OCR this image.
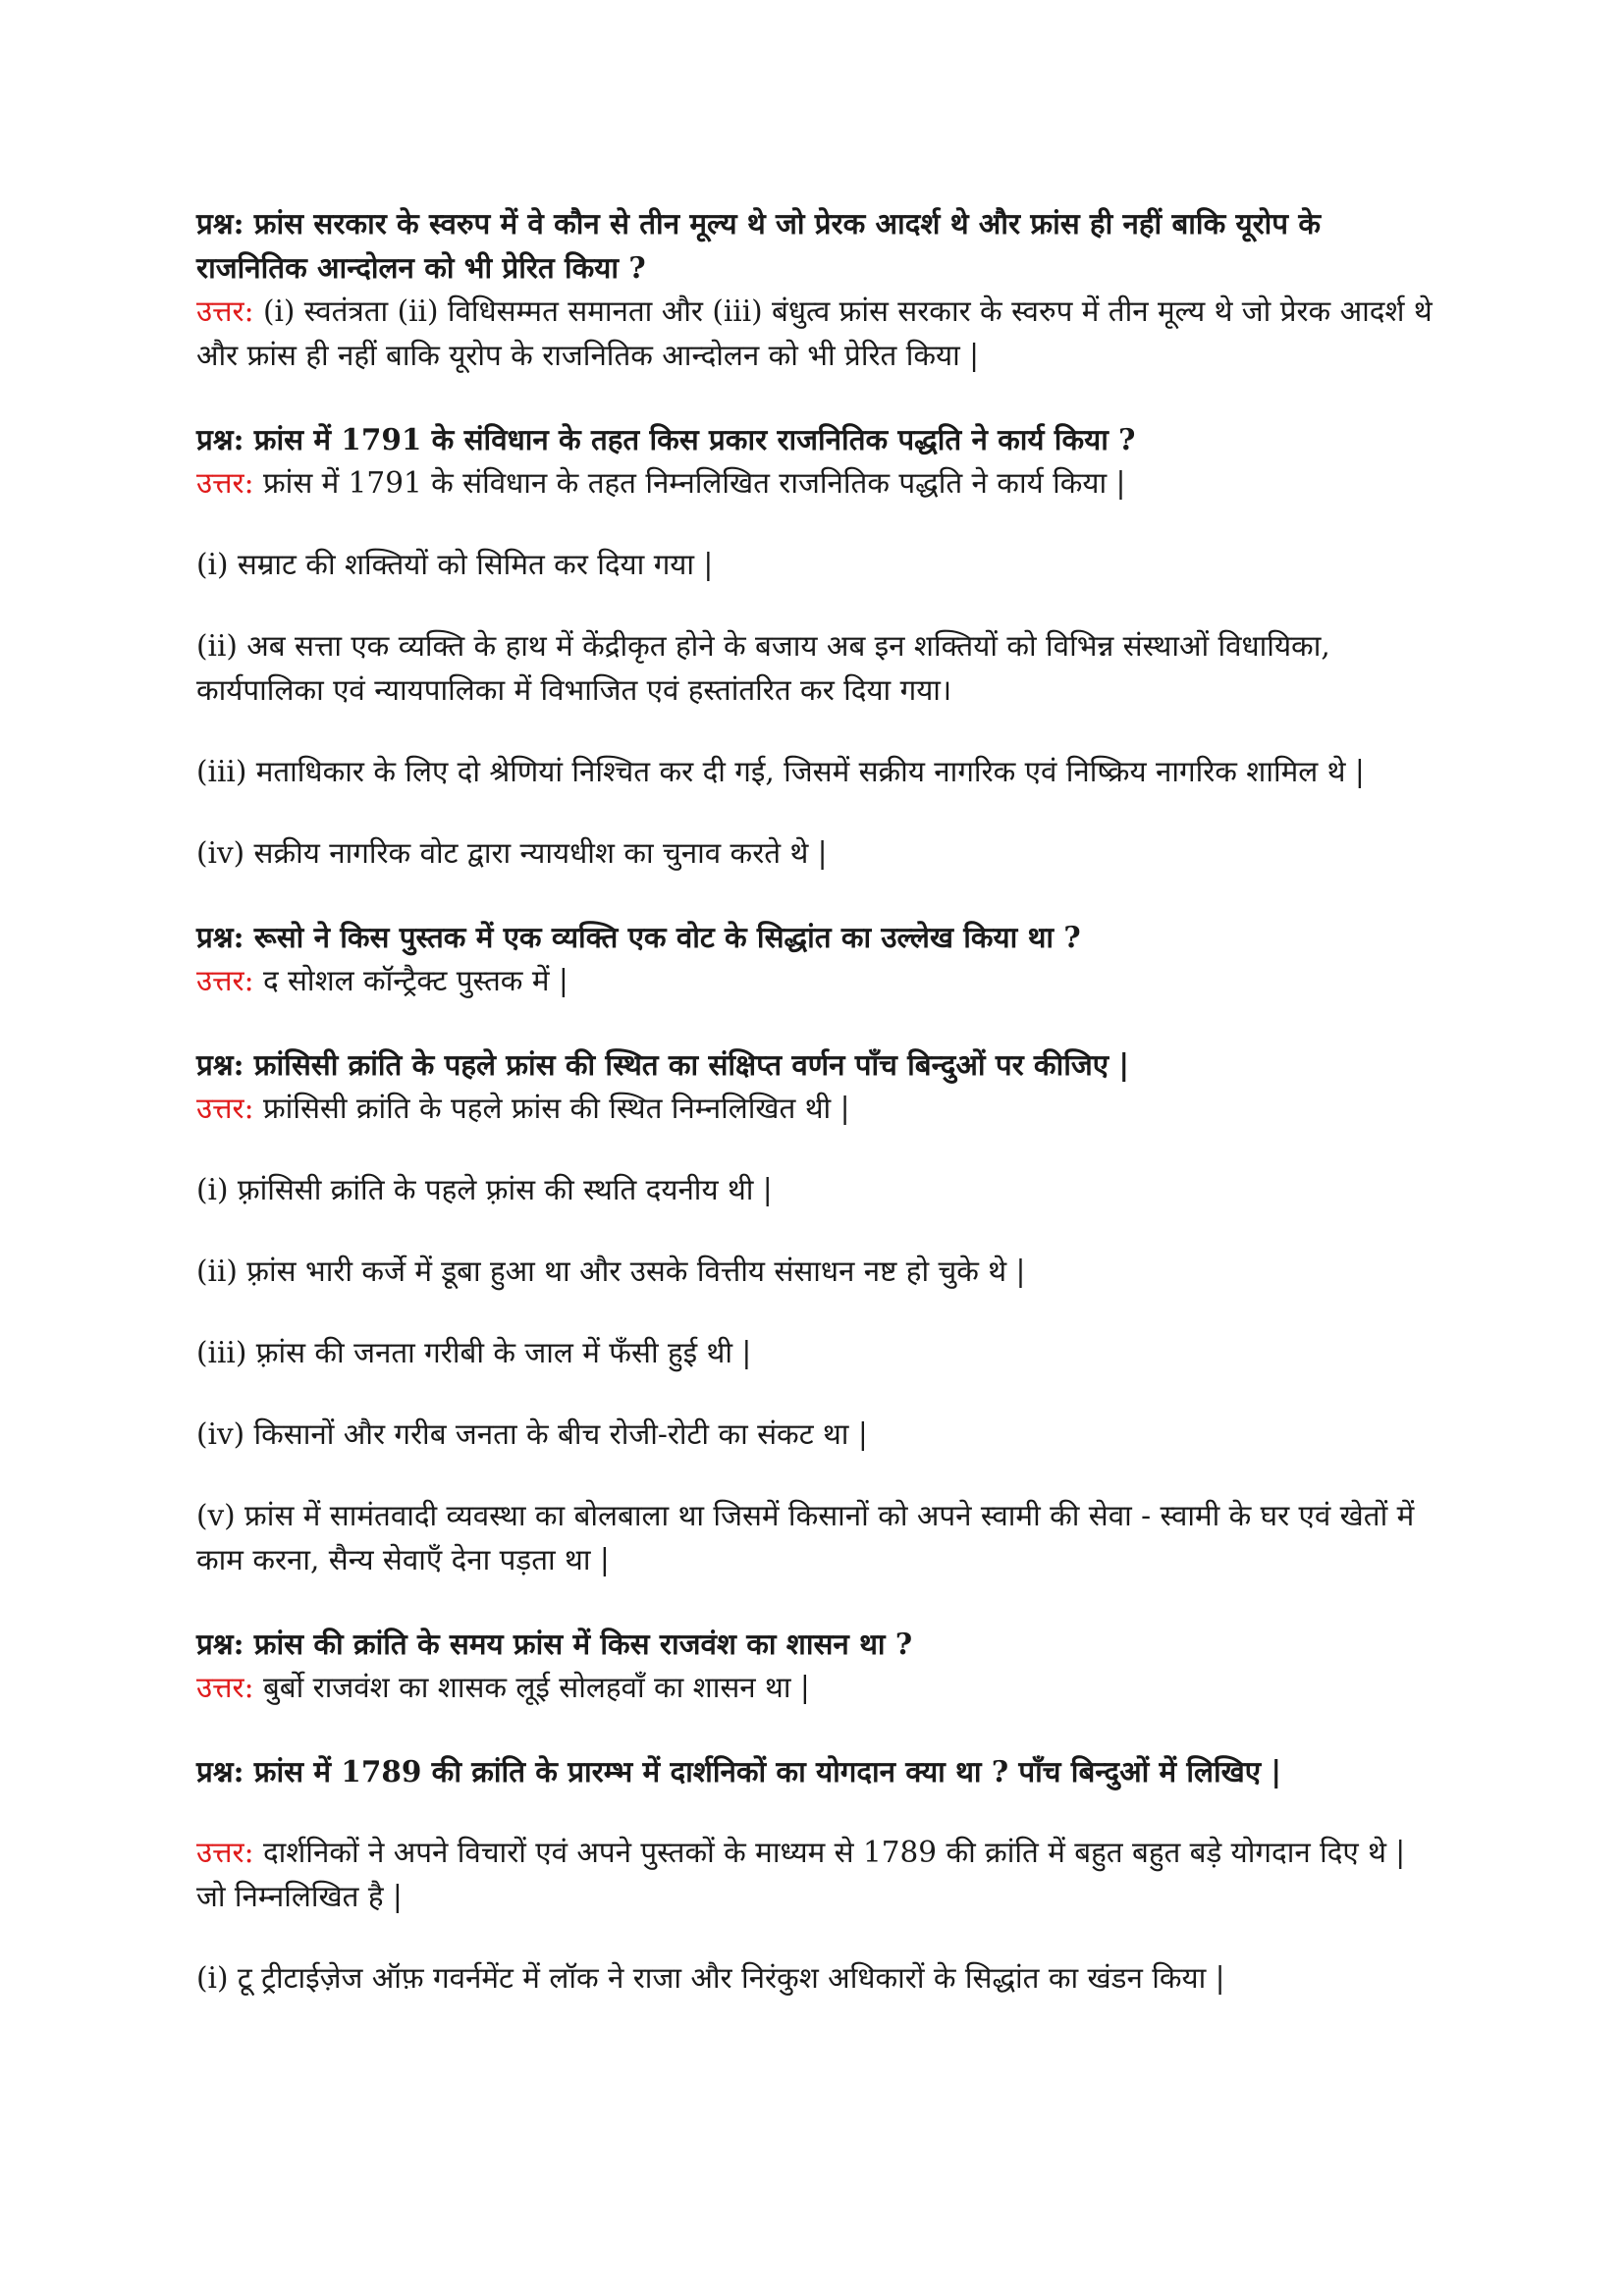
प्रश्न: फ्रांस सरकार के स्वरुप में वे कौन से तीन मूल्य थे जो प्रेरक आदर्श थे और फ्रांस ही नहीं बाकि यूरोप के राजनितिक आन्दोलन को भी प्रेरित किया ?

उत्तर: (i) स्वतंत्रता (ii) विधिसम्मत समानता और (iii) बंधुत्व फ्रांस सरकार के स्वरुप में तीन मूल्य थे जो प्रेरक आदर्श थे और फ्रांस ही नहीं बाकि यूरोप के राजनितिक आन्दोलन को भी प्रेरित किया |

प्रश्न: फ्रांस में 1791 के संविधान के तहत किस प्रकार राजनितिक पद्धति ने कार्य किया ?

उत्तर: फ्रांस में 1791 के संविधान के तहत निम्नलिखित राजनितिक पद्धति ने कार्य किया |

(i) सम्राट की शक्तियों को सिमित कर दिया गया |

(ii) अब सत्ता एक व्यक्ति के हाथ में केंद्रीकृत होने के बजाय अब इन शक्तियों को विभिन्न संस्थाओं विधायिका, कार्यपालिका एवं न्यायपालिका में विभाजित एवं हस्तांतरित कर दिया गया।

(iii) मताधिकार के लिए दो श्रेणियां निश्चित कर दी गई, जिसमें सक्रीय नागरिक एवं निष्क्रिय नागरिक शामिल थे |

(iv) सक्रीय नागरिक वोट द्वारा न्यायधीश का चुनाव करते थे |

प्रश्न: रूसो ने किस पुस्तक में एक व्यक्ति एक वोट के सिद्धांत का उल्लेख किया था ?

उत्तर: द सोशल कॉन्ट्रैक्ट पुस्तक में |

प्रश्न: फ्रांसिसी क्रांति के पहले फ्रांस की स्थित का संक्षिप्त वर्णन पाँच बिन्दुओं पर कीजिए |

उत्तर: फ्रांसिसी क्रांति के पहले फ्रांस की स्थित निम्नलिखित थी |

(i) फ़्रांसिसी क्रांति के पहले फ़्रांस की स्थति दयनीय थी |

(ii) फ़्रांस भारी कर्जे में डूबा हुआ था और उसके वित्तीय संसाधन नष्ट हो चुके थे |

(iii) फ़्रांस की जनता गरीबी के जाल में फँसी हुई थी |

(iv) किसानों और गरीब जनता के बीच रोजी-रोटी का संकट था |

(v) फ्रांस में सामंतवादी व्यवस्था का बोलबाला था जिसमें किसानों को अपने स्वामी की सेवा - स्वामी के घर एवं खेतों में काम करना, सैन्य सेवाएँ देना पड़ता था |

प्रश्न: फ्रांस की क्रांति के समय फ्रांस में किस राजवंश का शासन था ?

उत्तर: बुर्बो राजवंश का शासक लूई सोलहवाँ का शासन था |

प्रश्न: फ्रांस में 1789 की क्रांति के प्रारम्भ में दार्शनिकों का योगदान क्या था ? पाँच बिन्दुओं में लिखिए |

उत्तर: दार्शनिकों ने अपने विचारों एवं अपने पुस्तकों के माध्यम से 1789 की क्रांति में बहुत बहुत बड़े योगदान दिए थे | जो निम्नलिखित है |

(i) टू ट्रीटाईज़ेज ऑफ़ गवर्नमेंट में लॉक ने राजा और निरंकुश अधिकारों के सिद्धांत का खंडन किया |
